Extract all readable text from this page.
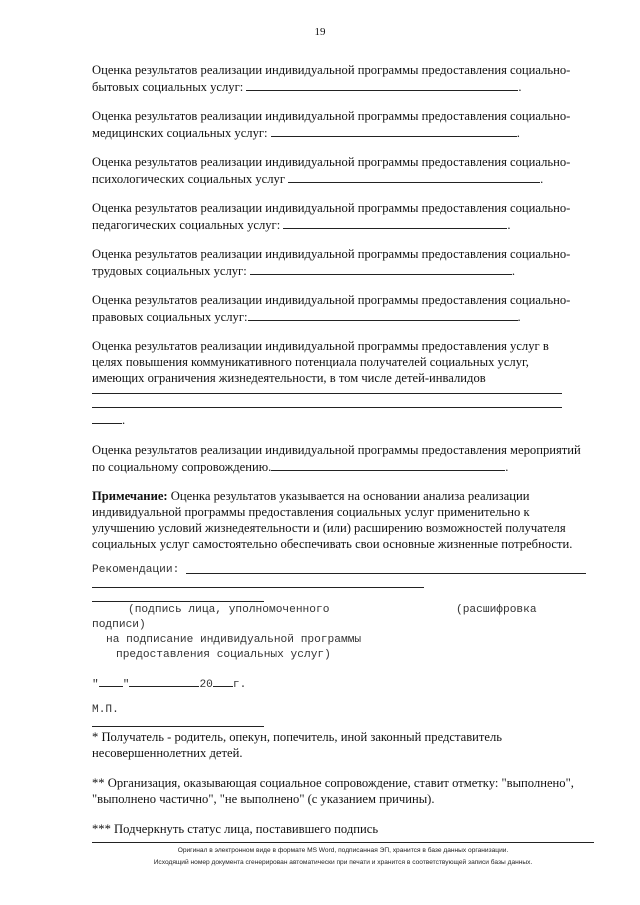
19
Оценка результатов реализации индивидуальной программы предоставления социально-
бытовых социальных услуг:	.
Оценка результатов реализации индивидуальной программы предоставления социально-
медицинских социальных услуг:	.
Оценка результатов реализации индивидуальной программы предоставления социально-
психологических социальных услуг	.
Оценка результатов реализации индивидуальной программы предоставления социально-
педагогических социальных услуг:	.
Оценка результатов реализации индивидуальной программы предоставления социально-
трудовых социальных услуг:	.
Оценка результатов реализации индивидуальной программы предоставления социально-
правовых социальных услуг:	.
Оценка результатов реализации индивидуальной программы предоставления услуг в
целях повышения коммуникативного потенциала получателей социальных услуг,
имеющих ограничения жизнедеятельности, в том числе детей-инвалидов
.
Оценка результатов реализации индивидуальной программы предоставления мероприятий
по социальному сопровождению.	.
Примечание: Оценка результатов указывается на основании анализа реализации
индивидуальной программы предоставления социальных услуг применительно к
улучшению условий жизнедеятельности и (или) расширению возможностей получателя
социальных услуг самостоятельно обеспечивать свои основные жизненные потребности.
Рекомендации:
(подпись лица, уполномоченного	(расшифровка
подписи)
на подписание индивидуальной программы
предоставления социальных услуг)
" "	20 г.
М.П.
* Получатель - родитель, опекун, попечитель, иной законный представитель
несовершеннолетних детей.
** Организация, оказывающая социальное сопровождение, ставит отметку: "выполнено",
"выполнено частично", "не выполнено" (с указанием причины).
*** Подчеркнуть статус лица, поставившего подпись
Оригинал в электронном виде в формате MS Word, подписанная ЭП, хранится в базе данных организации.
Исходящий номер документа сгенерирован автоматически при печати и хранится в соответствующей записи базы данных.
